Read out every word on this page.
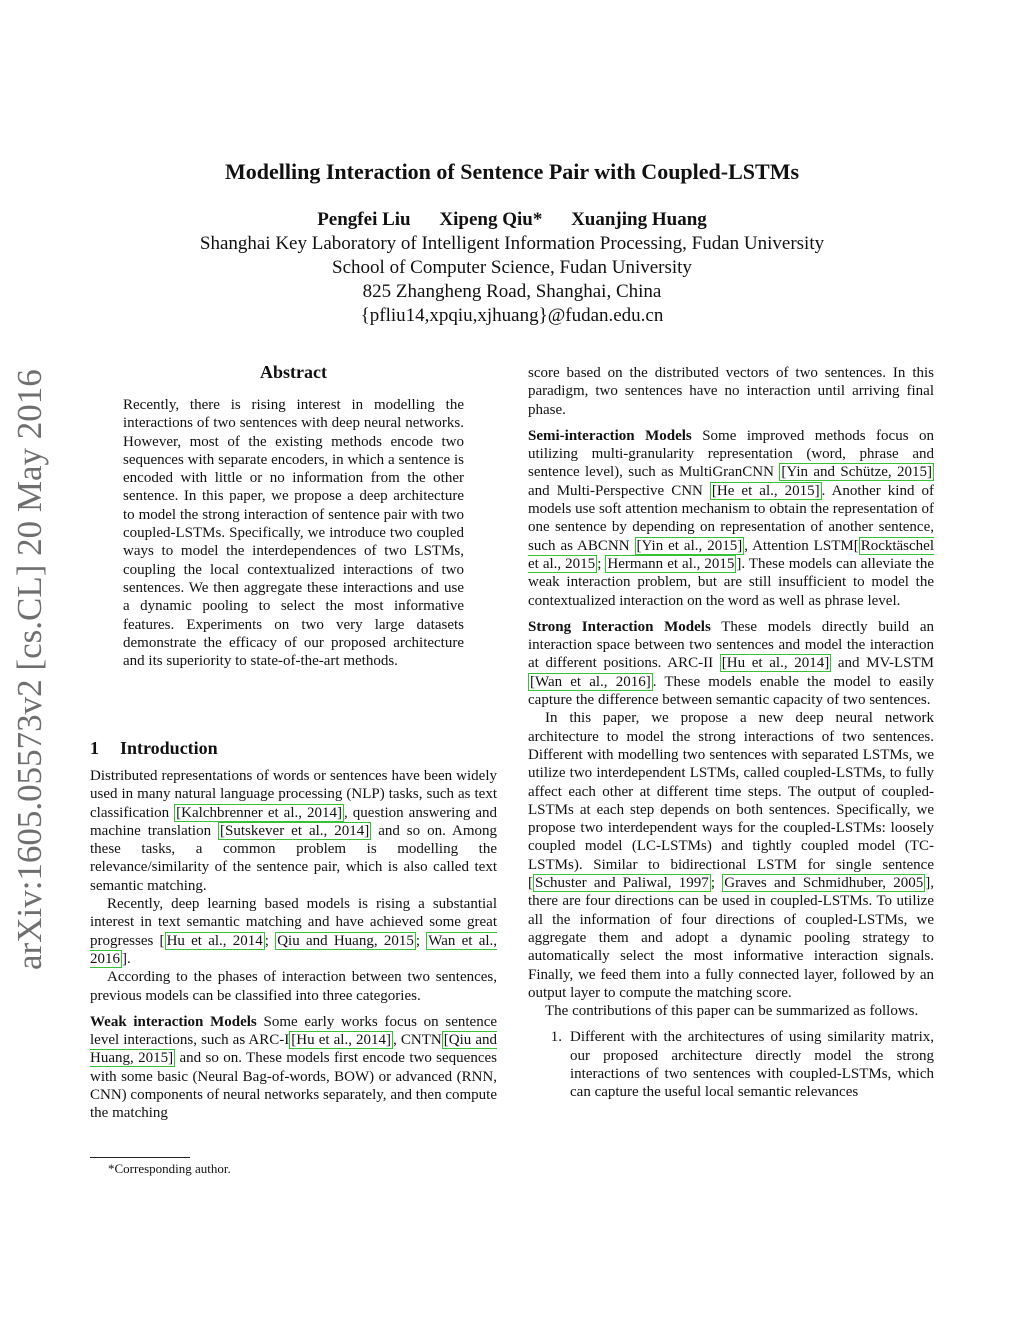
arXiv:1605.05573v2 [cs.CL] 20 May 2016
Modelling Interaction of Sentence Pair with Coupled-LSTMs
Pengfei Liu Xipeng Qiu* Xuanjing Huang
Shanghai Key Laboratory of Intelligent Information Processing, Fudan University
School of Computer Science, Fudan University
825 Zhangheng Road, Shanghai, China
{pfliu14,xpqiu,xjhuang}@fudan.edu.cn
Abstract

Recently, there is rising interest in modelling the interactions of two sentences with deep neural networks. However, most of the existing methods encode two sequences with separate encoders, in which a sentence is encoded with little or no information from the other sentence. In this paper, we propose a deep architecture to model the strong interaction of sentence pair with two coupled-LSTMs. Specifically, we introduce two coupled ways to model the interdependences of two LSTMs, coupling the local contextualized interactions of two sentences. We then aggregate these interactions and use a dynamic pooling to select the most informative features. Experiments on two very large datasets demonstrate the efficacy of our proposed architecture and its superiority to state-of-the-art methods.

1 Introduction

Distributed representations of words or sentences have been widely used in many natural language processing (NLP) tasks, such as text classification [Kalchbrenner et al., 2014] , question answering and machine translation [Sutskever et al., 2014] and so on. Among these tasks, a common problem is modelling the relevance/similarity of the sentence pair, which is also called text semantic matching.

Recently, deep learning based models is rising a substantial interest in text semantic matching and have achieved some great progresses [ Hu et al., 2014 ; Qiu and Huang, 2015 ; Wan et al., 2016 ].

According to the phases of interaction between two sentences, previous models can be classified into three categories.

Weak interaction Models Some early works focus on sentence level interactions, such as ARC-I [Hu et al., 2014] , CNTN [Qiu and Huang, 2015] and so on. These models first encode two sequences with some basic (Neural Bag-of-words, BOW) or advanced (RNN, CNN) components of neural networks separately, and then compute the matching

score based on the distributed vectors of two sentences. In this paradigm, two sentences have no interaction until arriving final phase.

Semi-interaction Models Some improved methods focus on utilizing multi-granularity representation (word, phrase and sentence level), such as MultiGranCNN [Yin and Schütze, 2015] and Multi-Perspective CNN [He et al., 2015] . Another kind of models use soft attention mechanism to obtain the representation of one sentence by depending on representation of another sentence, such as ABCNN [Yin et al., 2015] , Attention LSTM[ Rocktäschel et al., 2015 ; Hermann et al., 2015 ]. These models can alleviate the weak interaction problem, but are still insufficient to model the contextualized interaction on the word as well as phrase level.

Strong Interaction Models These models directly build an interaction space between two sentences and model the interaction at different positions. ARC-II [Hu et al., 2014] and MV-LSTM [Wan et al., 2016] . These models enable the model to easily capture the difference between semantic capacity of two sentences.

In this paper, we propose a new deep neural network architecture to model the strong interactions of two sentences. Different with modelling two sentences with separated LSTMs, we utilize two interdependent LSTMs, called coupled-LSTMs, to fully affect each other at different time steps. The output of coupled-LSTMs at each step depends on both sentences. Specifically, we propose two interdependent ways for the coupled-LSTMs: loosely coupled model (LC-LSTMs) and tightly coupled model (TC-LSTMs). Similar to bidirectional LSTM for single sentence [ Schuster and Paliwal, 1997 ; Graves and Schmidhuber, 2005 ], there are four directions can be used in coupled-LSTMs. To utilize all the information of four directions of coupled-LSTMs, we aggregate them and adopt a dynamic pooling strategy to automatically select the most informative interaction signals. Finally, we feed them into a fully connected layer, followed by an output layer to compute the matching score.

The contributions of this paper can be summarized as follows.

1. Different with the architectures of using similarity matrix, our proposed architecture directly model the strong interactions of two sentences with coupled-LSTMs, which can capture the useful local semantic relevances
*Corresponding author.
